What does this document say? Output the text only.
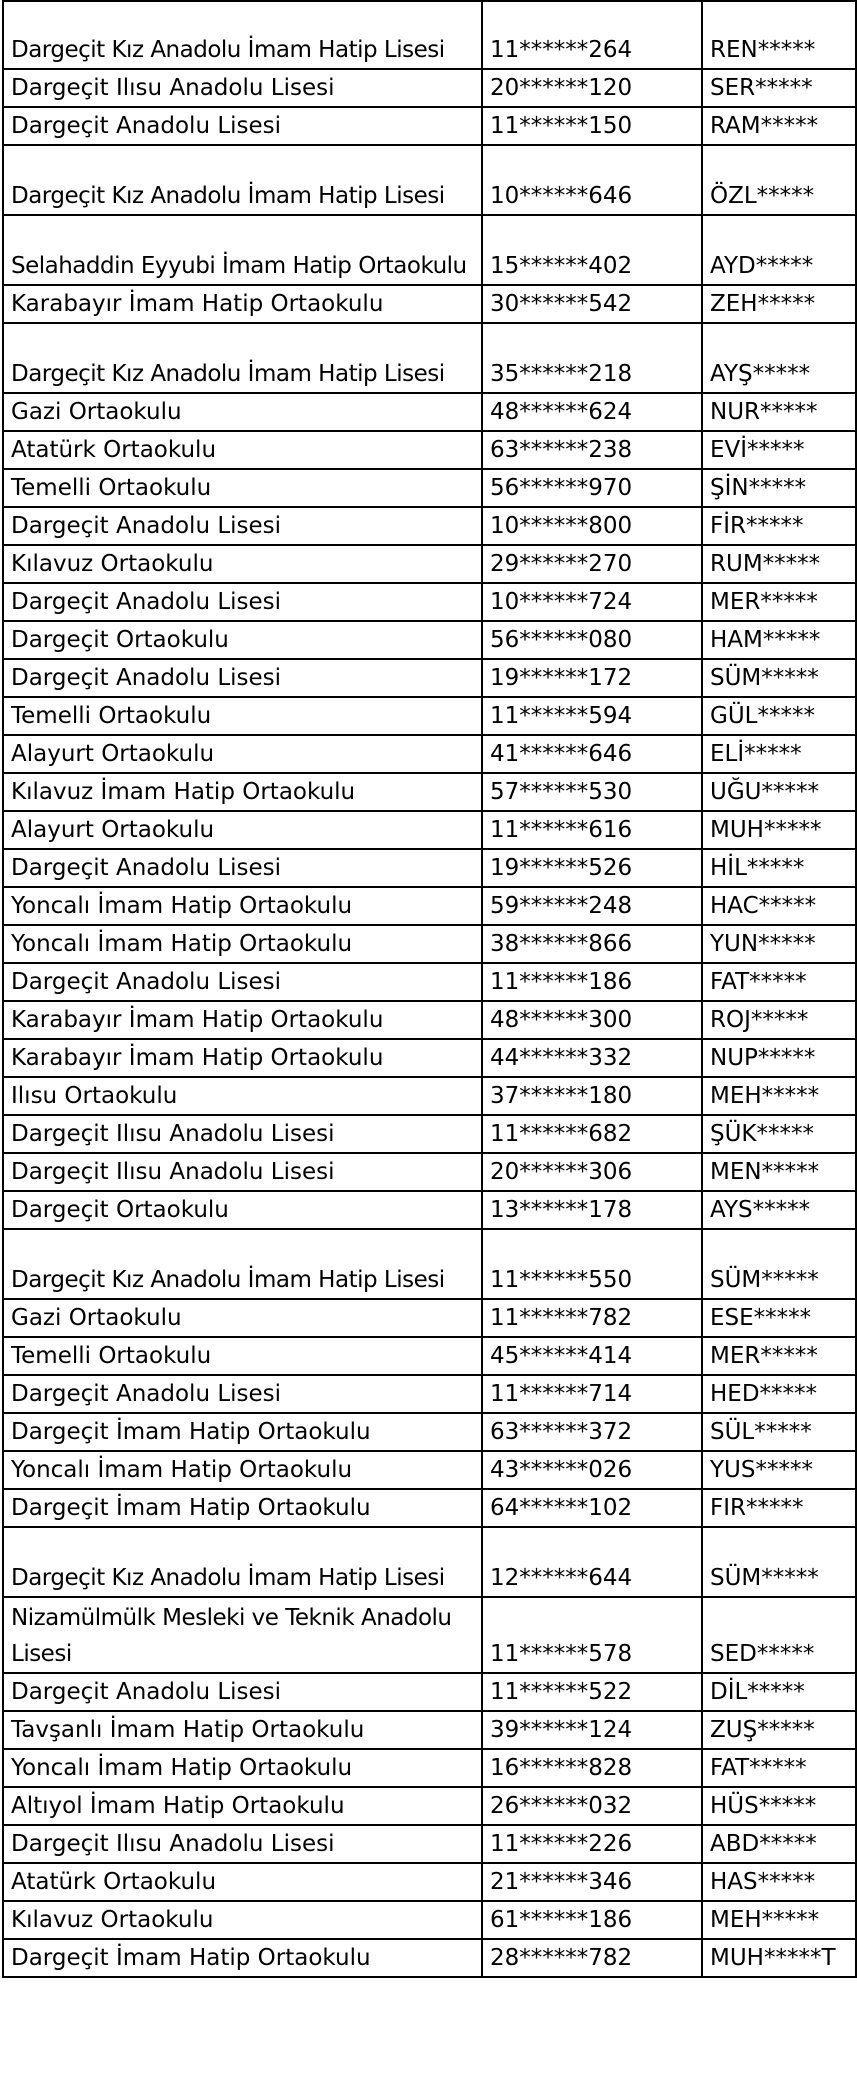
Dargeçit Kız Anadolu İmam Hatip Lisesi	11******264	REN*****
Dargeçit Ilısu Anadolu Lisesi	20******120	SER*****
Dargeçit Anadolu Lisesi	11******150	RAM*****
Dargeçit Kız Anadolu İmam Hatip Lisesi	10******646	ÖZL*****
Selahaddin Eyyubi İmam Hatip Ortaokulu	15******402	AYD*****
Karabayır İmam Hatip Ortaokulu	30******542	ZEH*****
Dargeçit Kız Anadolu İmam Hatip Lisesi	35******218	AYŞ*****
Gazi Ortaokulu	48******624	NUR*****
Atatürk Ortaokulu	63******238	EVİ*****
Temelli Ortaokulu	56******970	ŞİN*****
Dargeçit Anadolu Lisesi	10******800	FİR*****
Kılavuz Ortaokulu	29******270	RUM*****
Dargeçit Anadolu Lisesi	10******724	MER*****
Dargeçit Ortaokulu	56******080	HAM*****
Dargeçit Anadolu Lisesi	19******172	SÜM*****
Temelli Ortaokulu	11******594	GÜL*****
Alayurt Ortaokulu	41******646	ELİ*****
Kılavuz İmam Hatip Ortaokulu	57******530	UĞU*****
Alayurt Ortaokulu	11******616	MUH*****
Dargeçit Anadolu Lisesi	19******526	HİL*****
Yoncalı İmam Hatip Ortaokulu	59******248	HAC*****
Yoncalı İmam Hatip Ortaokulu	38******866	YUN*****
Dargeçit Anadolu Lisesi	11******186	FAT*****
Karabayır İmam Hatip Ortaokulu	48******300	ROJ*****
Karabayır İmam Hatip Ortaokulu	44******332	NUP*****
Ilısu Ortaokulu	37******180	MEH*****
Dargeçit Ilısu Anadolu Lisesi	11******682	ŞÜK*****
Dargeçit Ilısu Anadolu Lisesi	20******306	MEN*****
Dargeçit Ortaokulu	13******178	AYS*****
Dargeçit Kız Anadolu İmam Hatip Lisesi	11******550	SÜM*****
Gazi Ortaokulu	11******782	ESE*****
Temelli Ortaokulu	45******414	MER*****
Dargeçit Anadolu Lisesi	11******714	HED*****
Dargeçit İmam Hatip Ortaokulu	63******372	SÜL*****
Yoncalı İmam Hatip Ortaokulu	43******026	YUS*****
Dargeçit İmam Hatip Ortaokulu	64******102	FIR*****
Dargeçit Kız Anadolu İmam Hatip Lisesi	12******644	SÜM*****
Nizamülmülk Mesleki ve Teknik Anadolu Lisesi	11******578	SED*****
Dargeçit Anadolu Lisesi	11******522	DİL*****
Tavşanlı İmam Hatip Ortaokulu	39******124	ZUŞ*****
Yoncalı İmam Hatip Ortaokulu	16******828	FAT*****
Altıyol İmam Hatip Ortaokulu	26******032	HÜS*****
Dargeçit Ilısu Anadolu Lisesi	11******226	ABD*****
Atatürk Ortaokulu	21******346	HAS*****
Kılavuz Ortaokulu	61******186	MEH*****
Dargeçit İmam Hatip Ortaokulu	28******782	MUH*****T
